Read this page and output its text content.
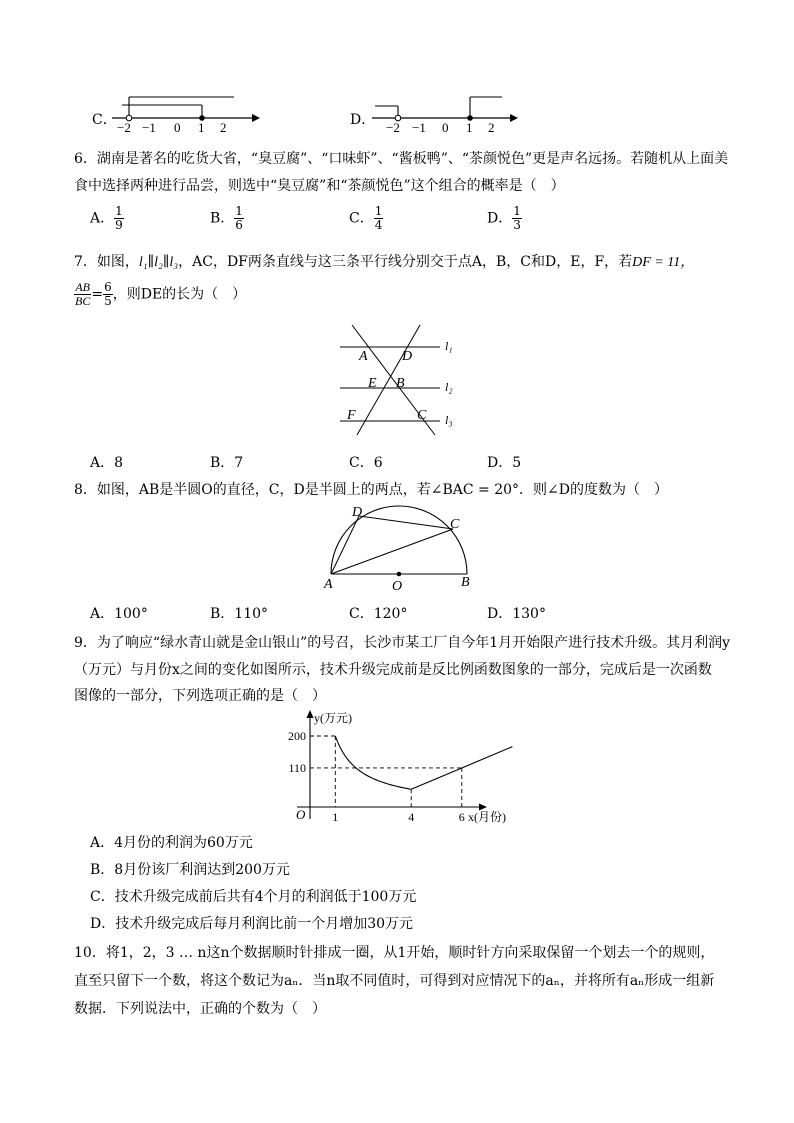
C． −2 −1 0 1 2	D． −2 −1 0 1 2
6．湖南是著名的吃货大省，“臭豆腐”、“口味虾”、“酱板鸭”、“茶颜悦色”更是声名远扬。若随机从上面美
食中选择两种进行品尝，则选中“臭豆腐”和“茶颜悦色”这个组合的概率是（　）
A． $\frac{1}{9}$	B． $\frac{1}{6}$	C． $\frac{1}{4}$	D． $\frac{1}{3}$
7．如图，l₁∥l₂∥l₃，AC，DF两条直线与这三条平行线分别交于点A，B，C和D，E，F，若DF = 11，
$\frac{AB}{BC} = \frac{6}{5}$ ，则DE的长为（　）
A D
E B
F	C
l₁
l₂
l₃
A．8	B．7	C．6	D．5
8．如图，AB是半圆O的直径，C，D是半圆上的两点，若∠BAC = 20°．则∠D的度数为（　）
A	B
C
D
O
A．100°	B．110°	C．120°	D．130°
9．为了响应“绿水青山就是金山银山”的号召，长沙市某工厂自今年1月开始限产进行技术升级。其月利润y
（万元）与月份x之间的变化如图所示，技术升级完成前是反比例函数图象的一部分，完成后是一次函数
图像的一部分，下列选项正确的是（　）
y(万元)
x(月份)
O 1	4	6
110
200
A．4月份的利润为60万元
B．8月份该厂利润达到200万元
C．技术升级完成前后共有4个月的利润低于100万元
D．技术升级完成后每月利润比前一个月增加30万元
10．将1，2，3 … n这n个数据顺时针排成一圈，从1开始，顺时针方向采取保留一个划去一个的规则，
直至只留下一个数，将这个数记为aₙ．当n取不同值时，可得到对应情况下的aₙ，并将所有aₙ形成一组新
数据．下列说法中，正确的个数为（　）
